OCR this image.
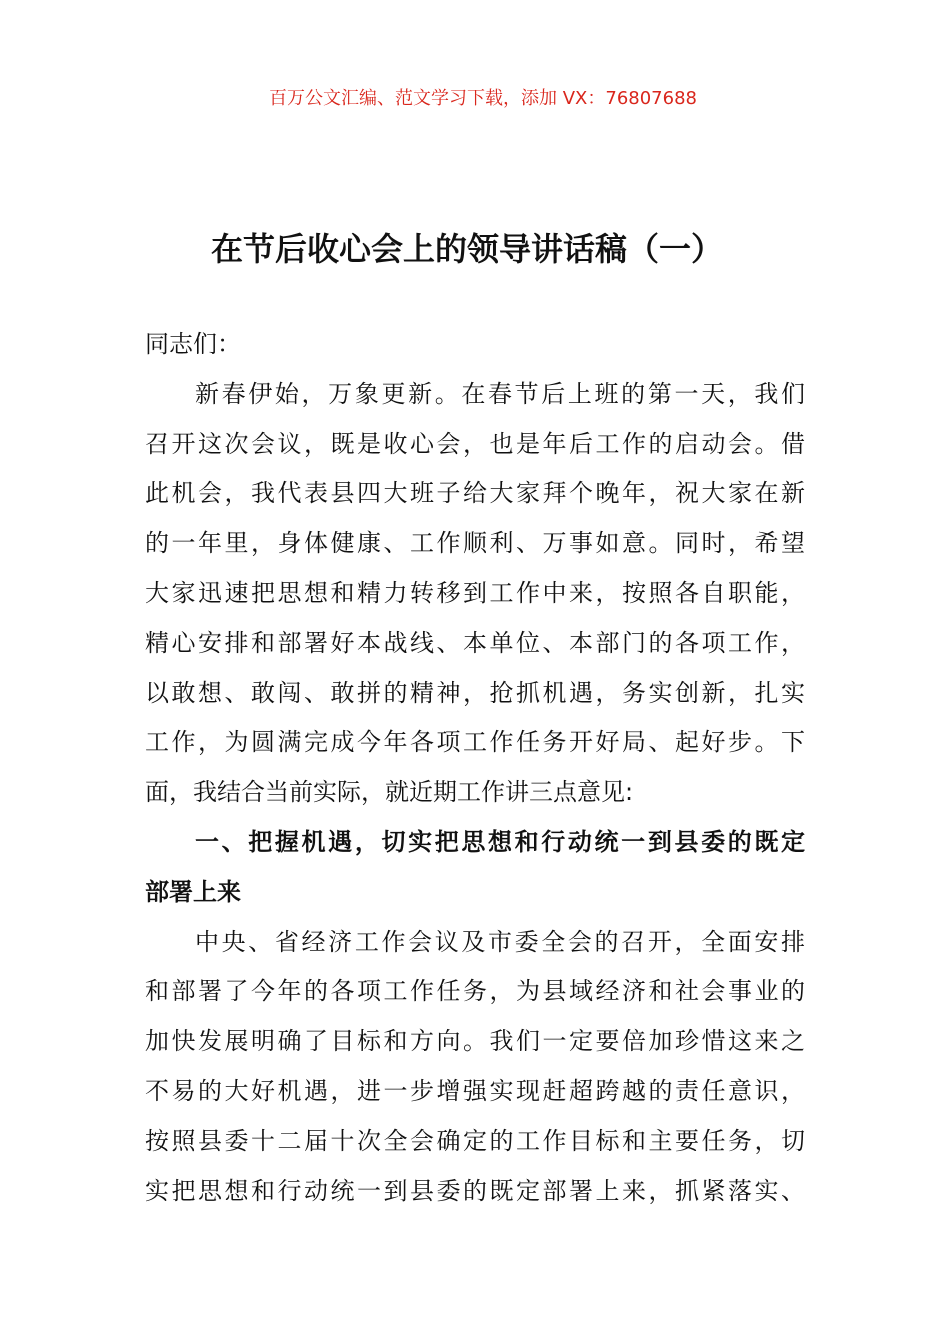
百万公文汇编、范文学习下载，添加 VX：76807688
在节后收心会上的领导讲话稿（一）
同志们：
新春伊始，万象更新。在春节后上班的第一天，我们
召开这次会议，既是收心会，也是年后工作的启动会。借
此机会，我代表县四大班子给大家拜个晚年，祝大家在新
的一年里，身体健康、工作顺利、万事如意。同时，希望
大家迅速把思想和精力转移到工作中来，按照各自职能，
精心安排和部署好本战线、本单位、本部门的各项工作，
以敢想、敢闯、敢拼的精神，抢抓机遇，务实创新，扎实
工作，为圆满完成今年各项工作任务开好局、起好步。下
面，我结合当前实际，就近期工作讲三点意见:
一、把握机遇，切实把思想和行动统一到县委的既定
部署上来
中央、省经济工作会议及市委全会的召开，全面安排
和部署了今年的各项工作任务，为县域经济和社会事业的
加快发展明确了目标和方向。我们一定要倍加珍惜这来之
不易的大好机遇，进一步增强实现赶超跨越的责任意识，
按照县委十二届十次全会确定的工作目标和主要任务，切
实把思想和行动统一到县委的既定部署上来，抓紧落实、
